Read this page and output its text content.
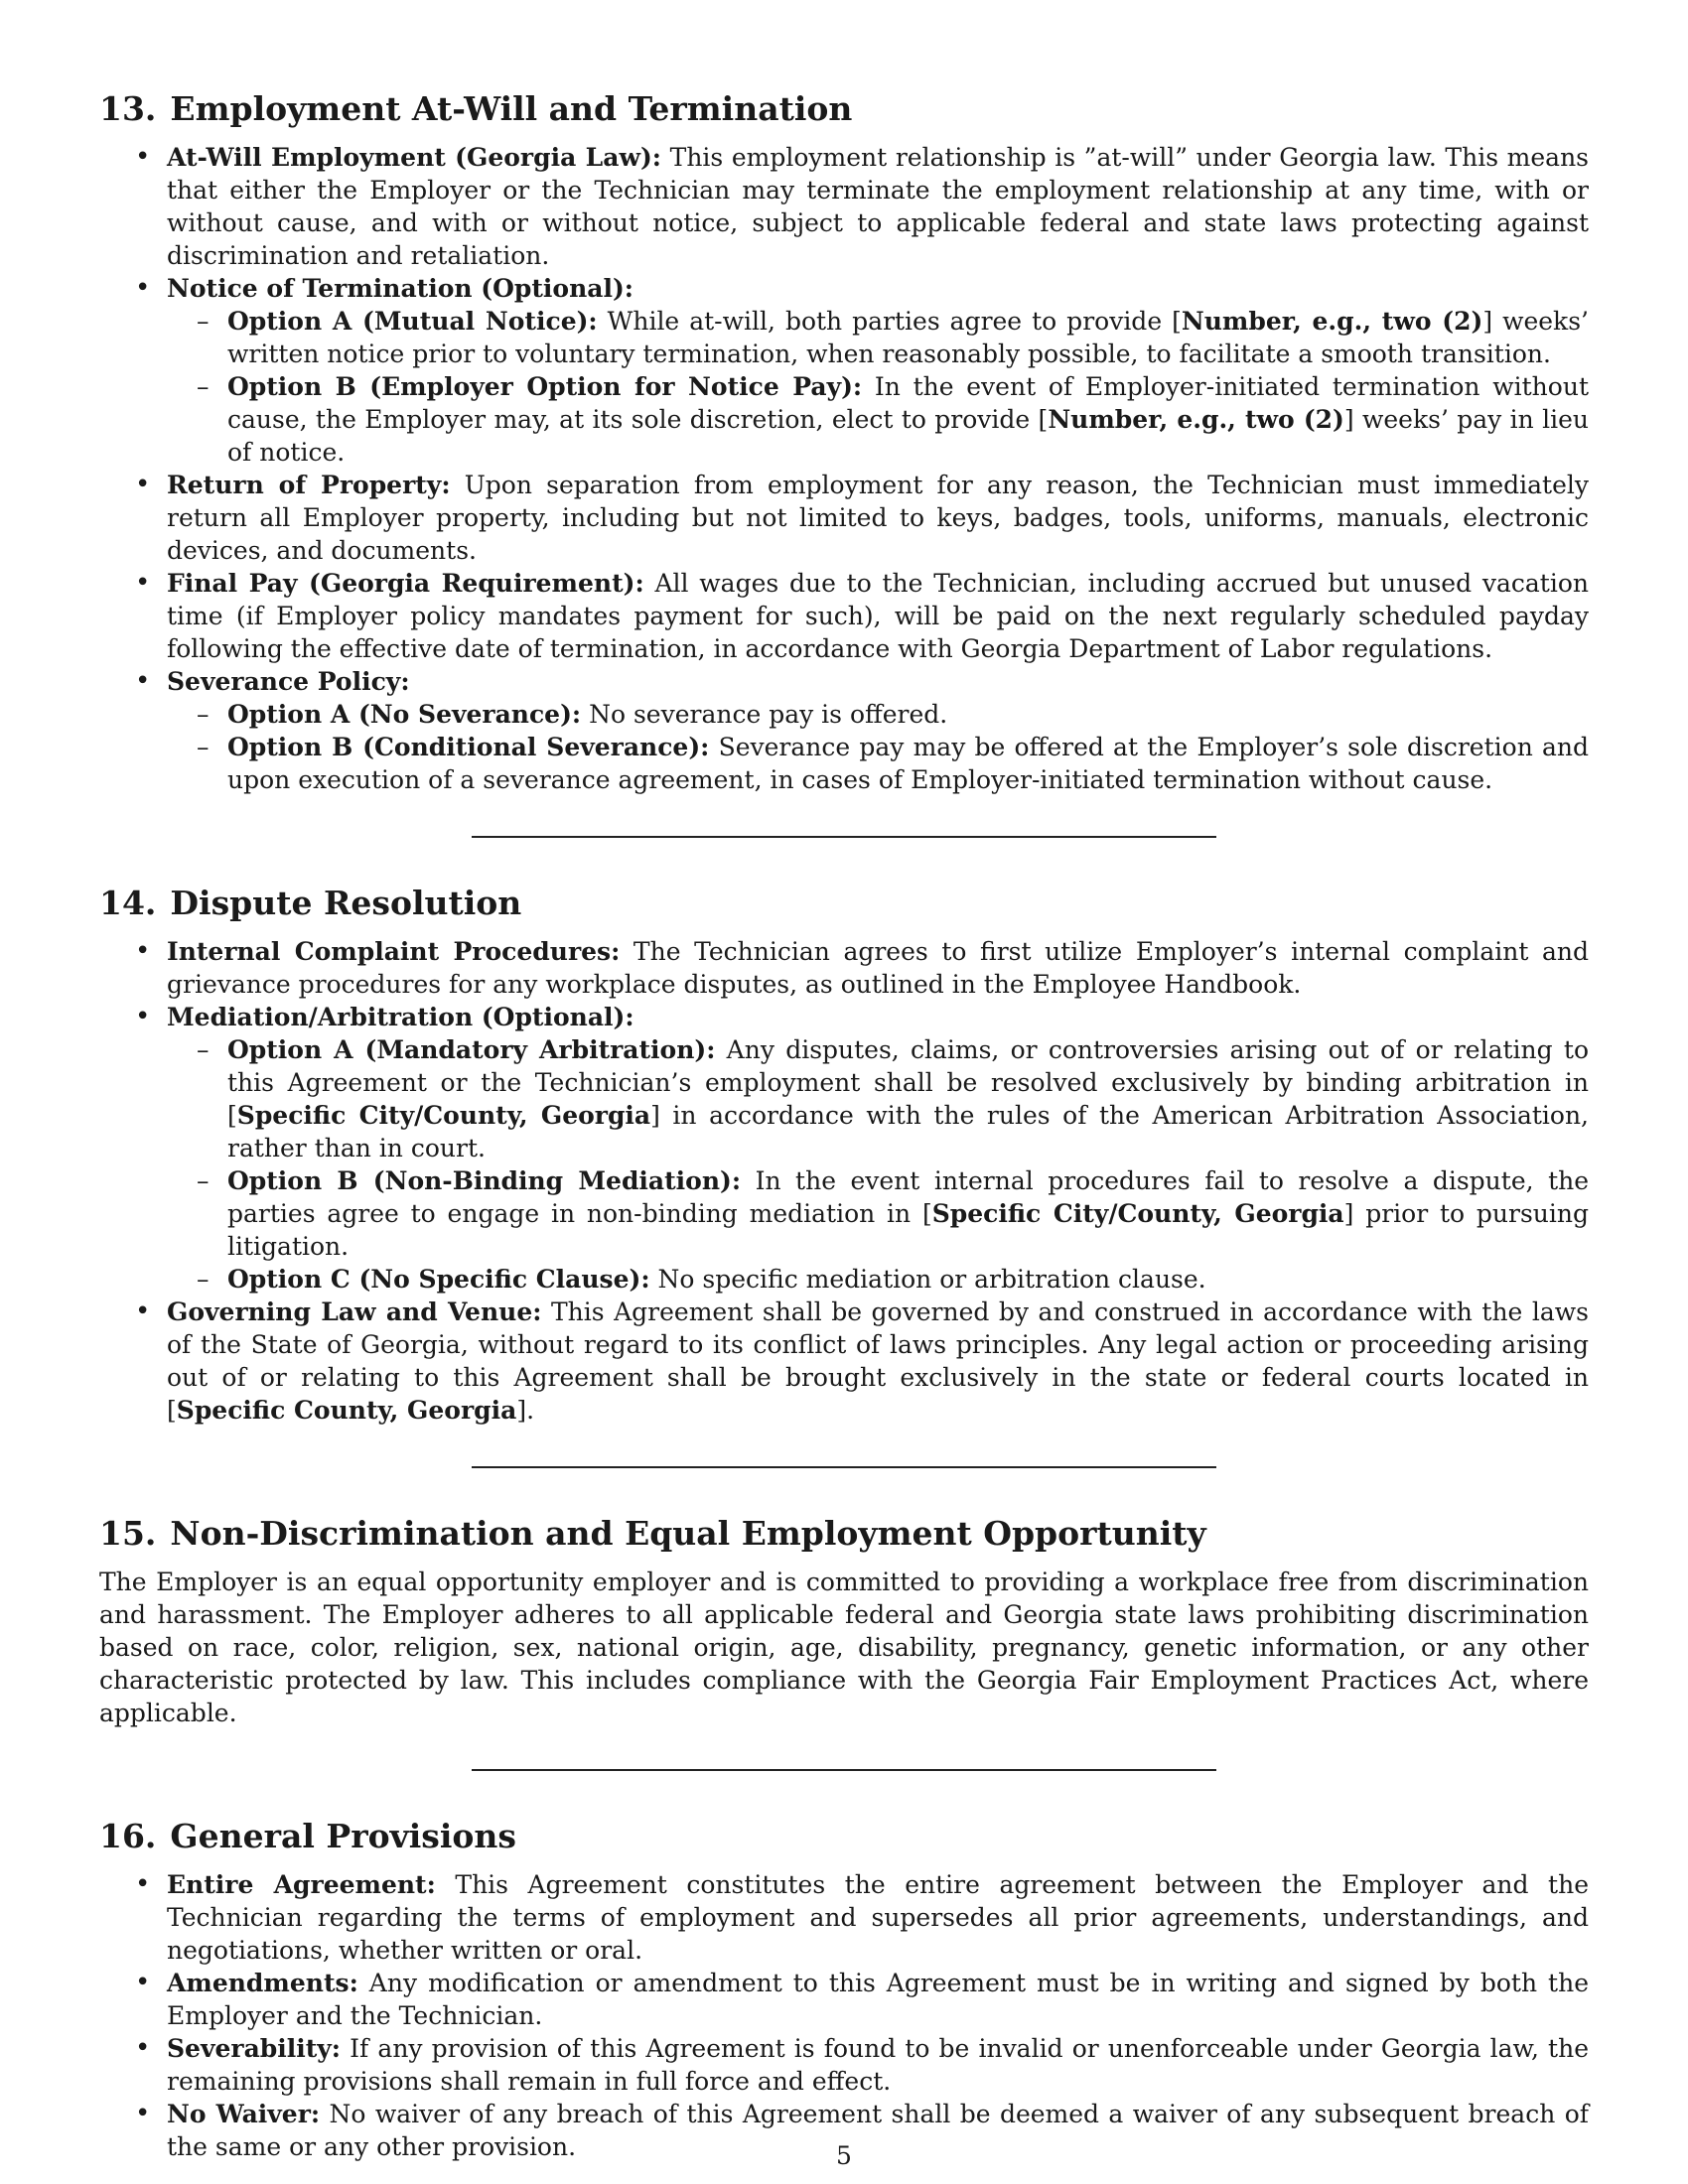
13. Employment At-Will and Termination
• At-Will Employment (Georgia Law): This employment relationship is ”at-will” under Georgia law. This means that either the Employer or the Technician may terminate the employment relationship at any time, with or without cause, and with or without notice, subject to applicable federal and state laws protecting against discrimination and retaliation.
• Notice of Termination (Optional):
– Option A (Mutual Notice): While at-will, both parties agree to provide [Number, e.g., two (2)] weeks’ written notice prior to voluntary termination, when reasonably possible, to facilitate a smooth transition.
– Option B (Employer Option for Notice Pay): In the event of Employer-initiated termination without cause, the Employer may, at its sole discretion, elect to provide [Number, e.g., two (2)] weeks’ pay in lieu of notice.
• Return of Property: Upon separation from employment for any reason, the Technician must immediately return all Employer property, including but not limited to keys, badges, tools, uniforms, manuals, electronic devices, and documents.
• Final Pay (Georgia Requirement): All wages due to the Technician, including accrued but unused vacation time (if Employer policy mandates payment for such), will be paid on the next regularly scheduled payday following the effective date of termination, in accordance with Georgia Department of Labor regulations.
• Severance Policy:
– Option A (No Severance): No severance pay is offered.
– Option B (Conditional Severance): Severance pay may be offered at the Employer’s sole discretion and upon execution of a severance agreement, in cases of Employer-initiated termination without cause.
14. Dispute Resolution
• Internal Complaint Procedures: The Technician agrees to first utilize Employer’s internal complaint and grievance procedures for any workplace disputes, as outlined in the Employee Handbook.
• Mediation/Arbitration (Optional):
– Option A (Mandatory Arbitration): Any disputes, claims, or controversies arising out of or relating to this Agreement or the Technician’s employment shall be resolved exclusively by binding arbitration in [Specific City/County, Georgia] in accordance with the rules of the American Arbitration Association, rather than in court.
– Option B (Non-Binding Mediation): In the event internal procedures fail to resolve a dispute, the parties agree to engage in non-binding mediation in [Specific City/County, Georgia] prior to pursuing litigation.
– Option C (No Specific Clause): No specific mediation or arbitration clause.
• Governing Law and Venue: This Agreement shall be governed by and construed in accordance with the laws of the State of Georgia, without regard to its conflict of laws principles. Any legal action or proceeding arising out of or relating to this Agreement shall be brought exclusively in the state or federal courts located in [Specific County, Georgia].
15. Non-Discrimination and Equal Employment Opportunity

The Employer is an equal opportunity employer and is committed to providing a workplace free from discrimination and harassment. The Employer adheres to all applicable federal and Georgia state laws prohibiting discrimination based on race, color, religion, sex, national origin, age, disability, pregnancy, genetic information, or any other characteristic protected by law. This includes compliance with the Georgia Fair Employment Practices Act, where applicable.

16. General Provisions
• Entire Agreement: This Agreement constitutes the entire agreement between the Employer and the Technician regarding the terms of employment and supersedes all prior agreements, understandings, and negotiations, whether written or oral.
• Amendments: Any modification or amendment to this Agreement must be in writing and signed by both the Employer and the Technician.
• Severability: If any provision of this Agreement is found to be invalid or unenforceable under Georgia law, the remaining provisions shall remain in full force and effect.
• No Waiver: No waiver of any breach of this Agreement shall be deemed a waiver of any subsequent breach of the same or any other provision.	5
